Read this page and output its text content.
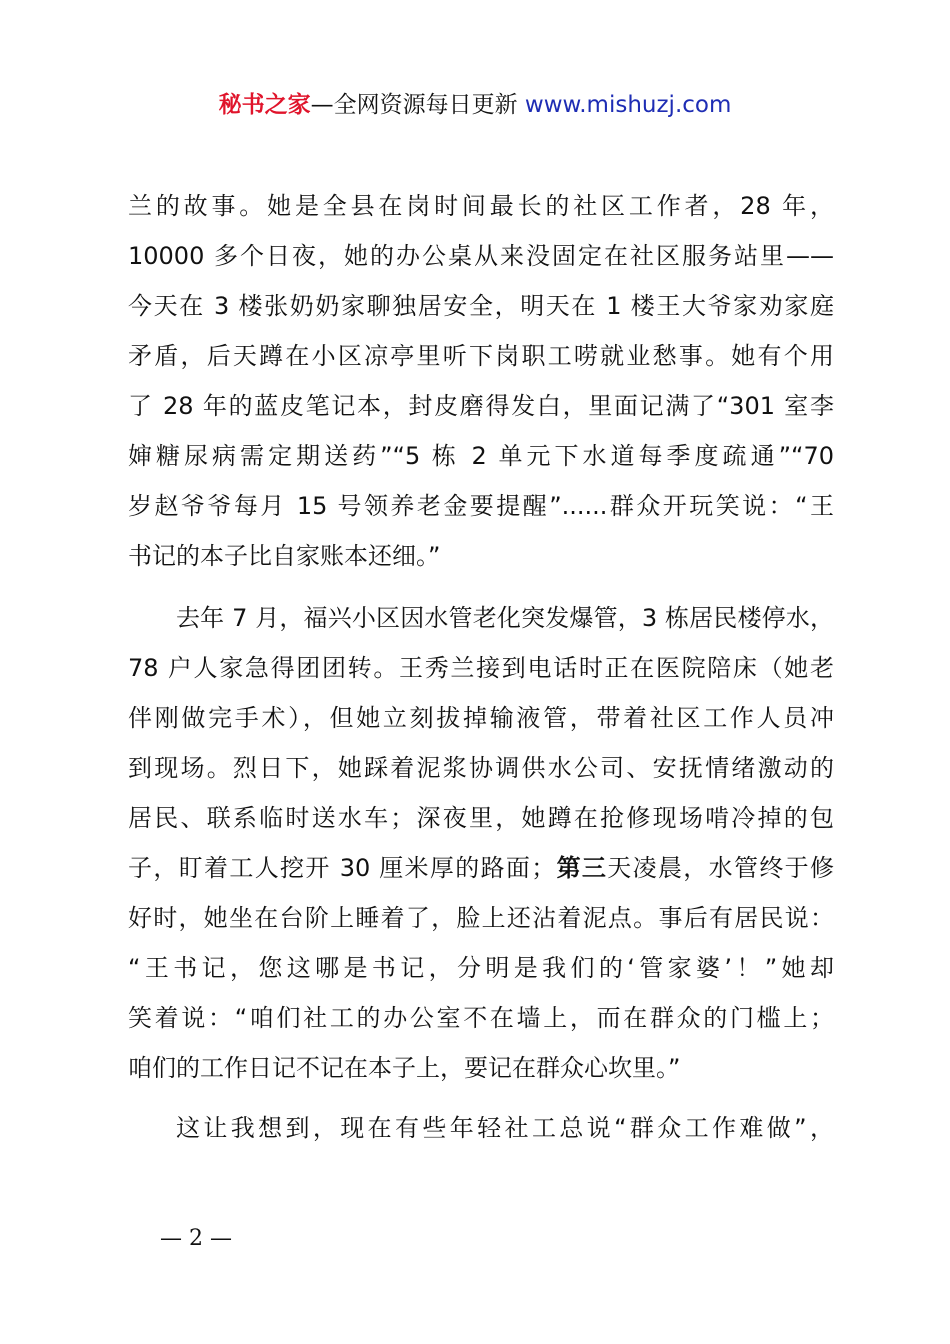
秘书之家—全网资源每日更新 www.mishuzj.com
兰的故事。她是全县在岗时间最长的社区工作者，28 年，
10000 多个日夜，她的办公桌从来没固定在社区服务站里——
今天在 3 楼张奶奶家聊独居安全，明天在 1 楼王大爷家劝家庭
矛盾，后天蹲在小区凉亭里听下岗职工唠就业愁事。她有个用
了 28 年的蓝皮笔记本，封皮磨得发白，里面记满了“301 室李
婶糖尿病需定期送药”“5 栋 2 单元下水道每季度疏通”“70
岁赵爷爷每月 15 号领养老金要提醒”......群众开玩笑说：“王
书记的本子比自家账本还细。”
去年 7 月，福兴小区因水管老化突发爆管，3 栋居民楼停水，
78 户人家急得团团转。王秀兰接到电话时正在医院陪床（她老
伴刚做完手术），但她立刻拔掉输液管，带着社区工作人员冲
到现场。烈日下，她踩着泥浆协调供水公司、安抚情绪激动的
居民、联系临时送水车；深夜里，她蹲在抢修现场啃冷掉的包
子，盯着工人挖开 30 厘米厚的路面；第三天凌晨，水管终于修
好时，她坐在台阶上睡着了，脸上还沾着泥点。事后有居民说：
“王书记，您这哪是书记，分明是我们的‘管家婆’！”她却
笑着说：“咱们社工的办公室不在墙上，而在群众的门槛上；
咱们的工作日记不记在本子上，要记在群众心坎里。”
这让我想到，现在有些年轻社工总说“群众工作难做”，
— 2 —
